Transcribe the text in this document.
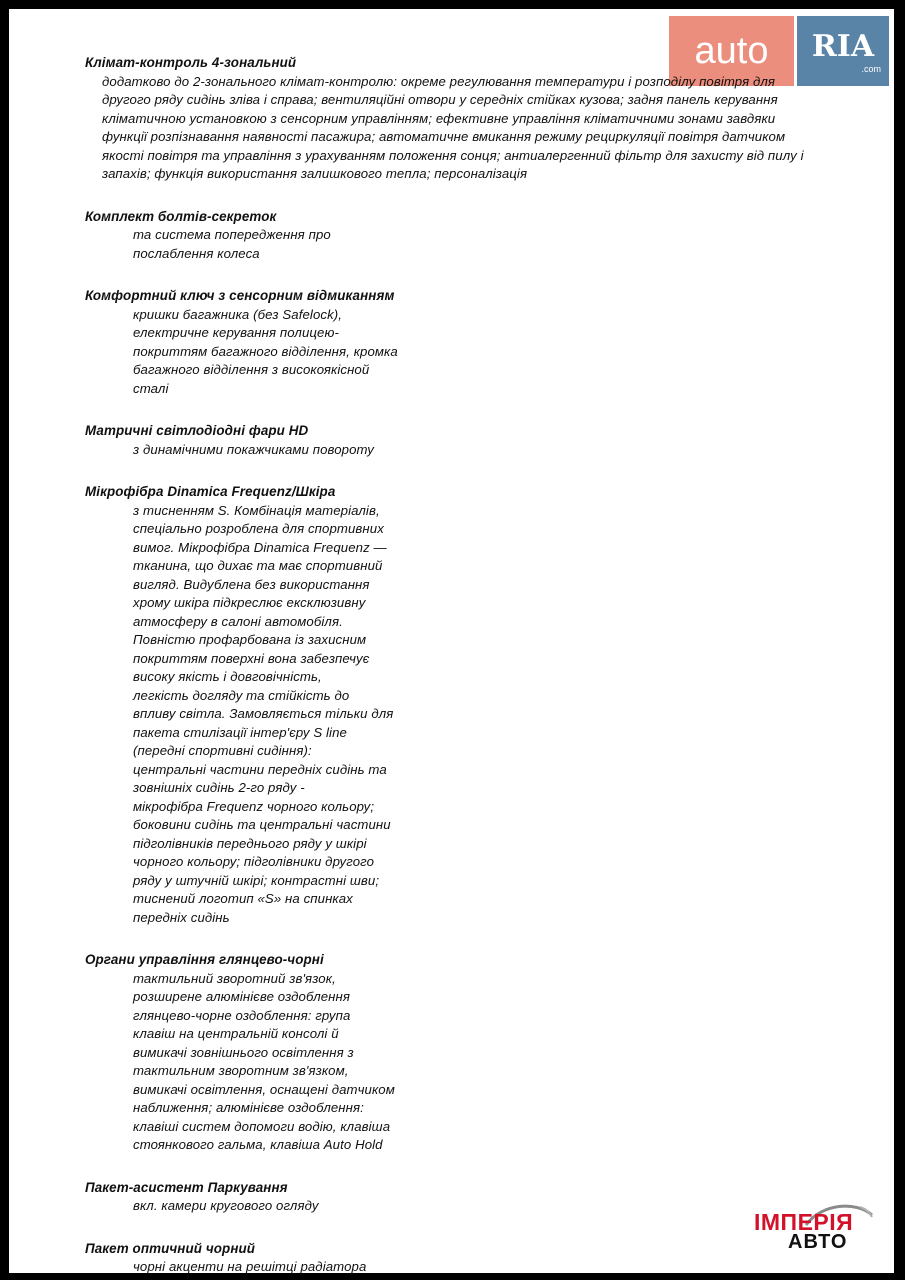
auto	RIA
.com
Клімат-контроль 4-зональний
додатково до 2-зонального клімат-контролю: окреме регулювання температури і розподілу повітря для
другого ряду сидінь зліва і справа; вентиляційні отвори у середніх стійках кузова; задня панель керування
кліматичною установкою з сенсорним управлінням; ефективне управління кліматичними зонами завдяки
функції розпізнавання наявності пасажира; автоматичне вмикання режиму рециркуляції повітря датчиком
якості повітря та управління з урахуванням положення сонця; антиалергенний фільтр для захисту від пилу і
запахів; функція використання залишкового тепла; персоналізація
Комплект болтів-секреток
та система попередження про
послаблення колеса
Комфортний ключ з сенсорним відмиканням
кришки багажника (без Safelock),
електричне керування полицею-
покриттям багажного відділення, кромка
багажного відділення з високоякісной
сталі
Матричні світлодіодні фари HD
з динамічними покажчиками повороту
Мікрофібра Dinamica Frequenz/Шкіра
з тисненням S. Комбінація матеріалів,
спеціально розроблена для спортивних
вимог. Мікрофібра Dinamica Frequenz —
тканина, що дихає та має спортивний
вигляд. Видублена без використання
хрому шкіра підкреслює ексклюзивну
атмосферу в салоні автомобіля.
Повністю профарбована із захисним
покриттям поверхні вона забезпечує
високу якість і довговічність,
легкість догляду та стійкість до
впливу світла. Замовляється тільки для
пакета стилізації інтер'єру S line
(передні спортивні сидіння):
центральні частини передніх сидінь та
зовнішніх сидінь 2-го ряду -
мікрофібра Frequenz чорного кольору;
боковини сидінь та центральні частини
підголівників переднього ряду у шкірі
чорного кольору; підголівники другого
ряду у штучній шкірі; контрастні шви;
тиснений логотип «S» на спинках
передніх сидінь
Органи управління глянцево-чорні
тактильний зворотний зв'язок,
розширене алюмінієве оздоблення
глянцево-чорне оздоблення: група
клавіш на центральній консолі й
вимикачі зовнішнього освітлення з
тактильним зворотним зв'язком,
вимикачі освітлення, оснащені датчиком
наближення; алюмінієве оздоблення:
клавіші систем допомоги водію, клавіша
стоянкового гальма, клавіша Auto Hold
Пакет-асистент Паркування
вкл. камери кругового огляду
Пакет оптичний чорний
чорні акценти на решітці радіатора
ІМПЕРІЯ
АВТО
